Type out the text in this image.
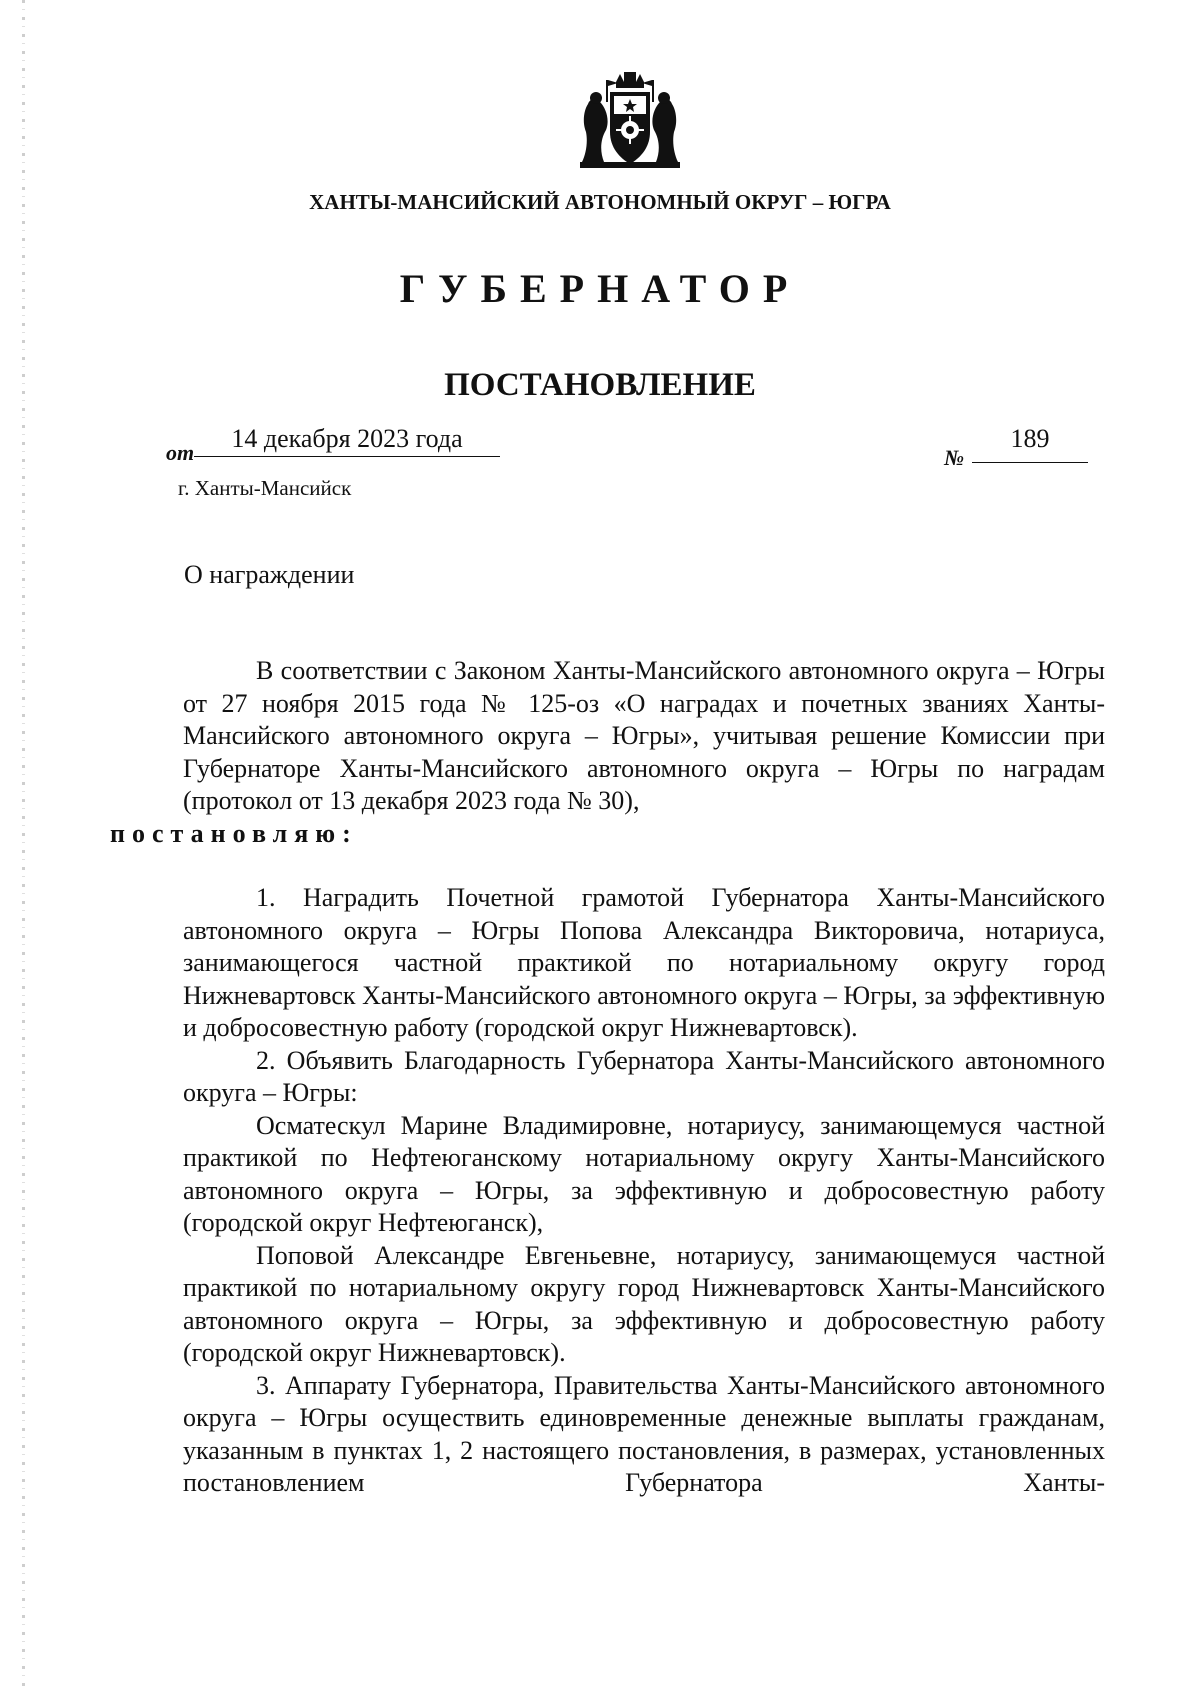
ХАНТЫ-МАНСИЙСКИЙ АВТОНОМНЫЙ ОКРУГ – ЮГРА
ГУБЕРНАТОР
ПОСТАНОВЛЕНИЕ
от	14 декабря 2023 года
№
189
г. Ханты-Мансийск
О награждении

В соответствии с Законом Ханты-Мансийского автономного округа – Югры от 27 ноября 2015 года № 125-оз «О наградах и почетных званиях Ханты-Мансийского автономного округа – Югры», учитывая решение Комиссии при Губернаторе Ханты-Мансийского автономного округа – Югры по наградам (протокол от 13 декабря 2023 года № 30),
постановляю:

1. Наградить Почетной грамотой Губернатора Ханты-Мансийского автономного округа – Югры Попова Александра Викторовича, нотариуса, занимающегося частной практикой по нотариальному округу город Нижневартовск Ханты-Мансийского автономного округа – Югры, за эффективную и добросовестную работу (городской округ Нижневартовск).

2. Объявить Благодарность Губернатора Ханты-Мансийского автономного округа – Югры:

Осматескул Марине Владимировне, нотариусу, занимающемуся частной практикой по Нефтеюганскому нотариальному округу Ханты-Мансийского автономного округа – Югры, за эффективную и добросовестную работу (городской округ Нефтеюганск),

Поповой Александре Евгеньевне, нотариусу, занимающемуся частной практикой по нотариальному округу город Нижневартовск Ханты-Мансийского автономного округа – Югры, за эффективную и добросовестную работу (городской округ Нижневартовск).

3. Аппарату Губернатора, Правительства Ханты-Мансийского автономного округа – Югры осуществить единовременные денежные выплаты гражданам, указанным в пунктах 1, 2 настоящего постановления, в размерах, установленных постановлением Губернатора Ханты-
